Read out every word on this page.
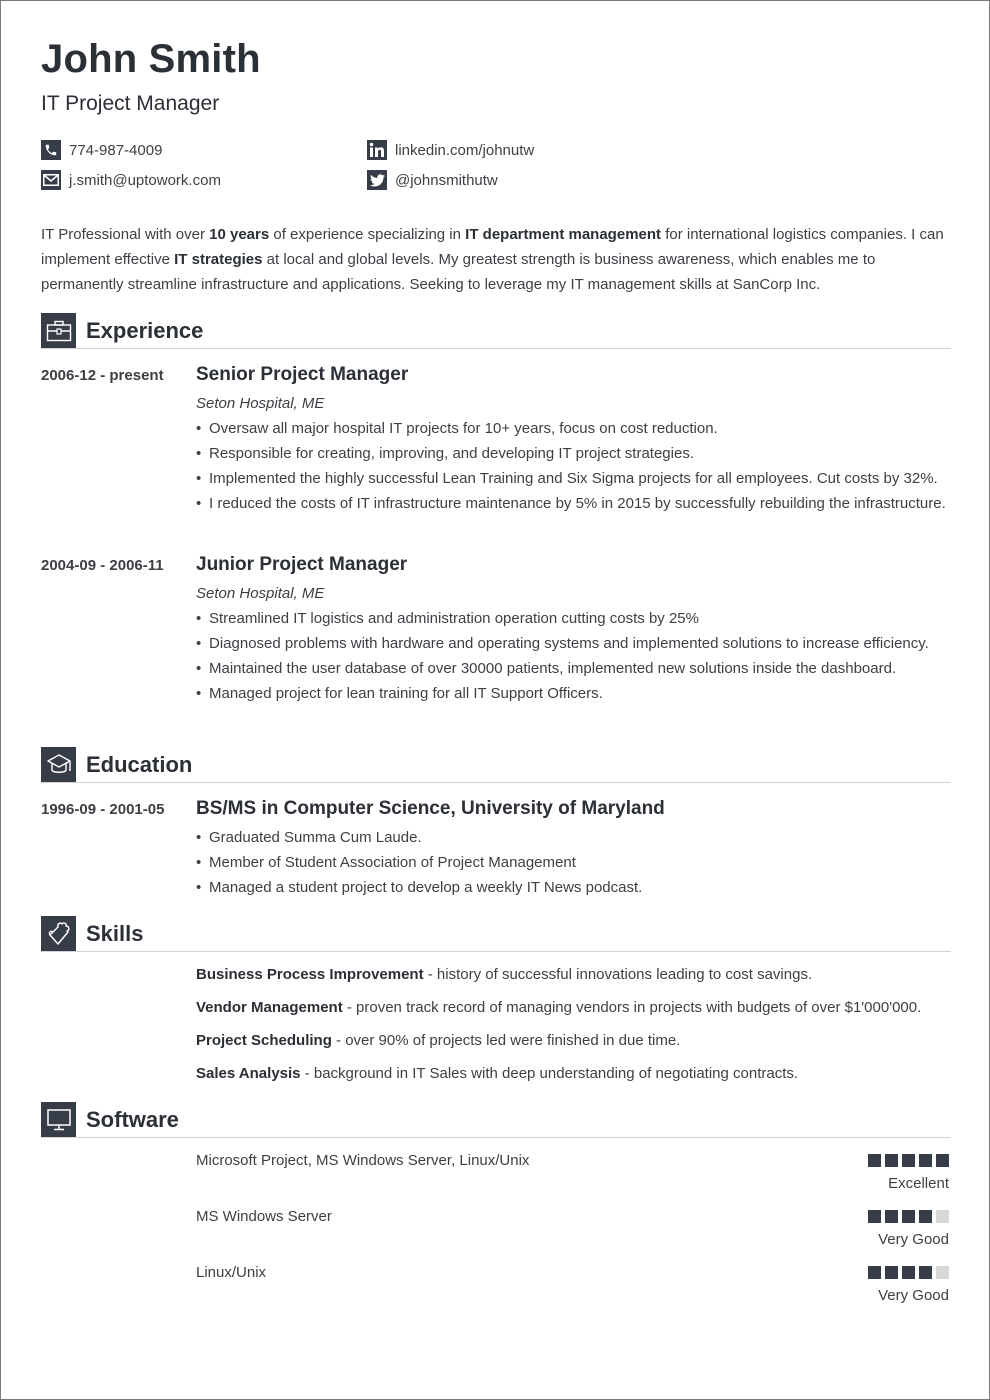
John Smith
IT Project Manager
774-987-4009
j.smith@uptowork.com
linkedin.com/johnutw
@johnsmithutw

IT Professional with over 10 years of experience specializing in IT department management for international logistics companies. I can implement effective IT strategies at local and global levels. My greatest strength is business awareness, which enables me to permanently streamline infrastructure and applications. Seeking to leverage my IT management skills at SanCorp Inc.

Experience
2006-12 - present Senior Project Manager
Seton Hospital, ME
• Oversaw all major hospital IT projects for 10+ years, focus on cost reduction.
• Responsible for creating, improving, and developing IT project strategies.
• Implemented the highly successful Lean Training and Six Sigma projects for all employees. Cut costs by 32%.
• I reduced the costs of IT infrastructure maintenance by 5% in 2015 by successfully rebuilding the infrastructure.
2004-09 - 2006-11 Junior Project Manager
Seton Hospital, ME
• Streamlined IT logistics and administration operation cutting costs by 25%
• Diagnosed problems with hardware and operating systems and implemented solutions to increase efficiency.
• Maintained the user database of over 30000 patients, implemented new solutions inside the dashboard.
• Managed project for lean training for all IT Support Officers.
Education
1996-09 - 2001-05 BS/MS in Computer Science, University of Maryland
• Graduated Summa Cum Laude.
• Member of Student Association of Project Management
• Managed a student project to develop a weekly IT News podcast.
Skills
Business Process Improvement - history of successful innovations leading to cost savings.
Vendor Management - proven track record of managing vendors in projects with budgets of over $1'000'000.
Project Scheduling - over 90% of projects led were finished in due time.
Sales Analysis - background in IT Sales with deep understanding of negotiating contracts.
Software
Microsoft Project, MS Windows Server, Linux/Unix
Excellent
MS Windows Server
Very Good
Linux/Unix
Very Good
